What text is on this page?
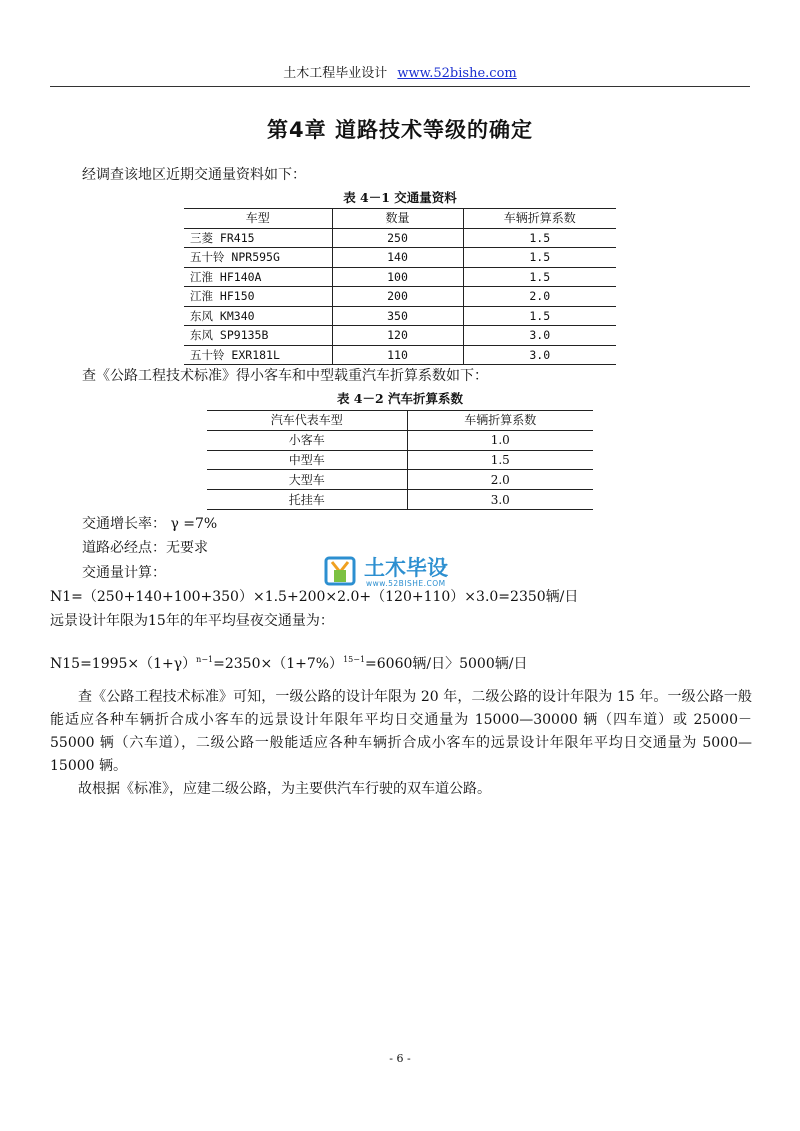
土木工程毕业设计 www.52bishe.com
第4章 道路技术等级的确定
经调查该地区近期交通量资料如下：
表 4－1 交通量资料
车型	数量	车辆折算系数
三菱 FR415	250	1.5
五十铃 NPR595G	140	1.5
江淮 HF140A	100	1.5
江淮 HF150	200	2.0
东风 KM340	350	1.5
东风 SP9135B	120	3.0
五十铃 EXR181L	110	3.0
查《公路工程技术标准》得小客车和中型载重汽车折算系数如下：
表 4－2 汽车折算系数
汽车代表车型	车辆折算系数
小客车	1.0
中型车	1.5
大型车	2.0
托挂车	3.0
交通增长率： γ =7%
道路必经点：无要求
土木毕设
www.52BISHE.COM
交通量计算：
N1=（250+140+100+350）×1.5+200×2.0+（120+110）×3.0=2350辆/日
远景设计年限为15年的年平均昼夜交通量为：
$N15=1995\times(1+\gamma)^{n-1}=2350\times(1+7\%)^{15-1}=6060$辆/日〉5000辆/日
查《公路工程技术标准》可知，一级公路的设计年限为 20 年，二级公路的设计年限为 15 年。一级公路一般能适应各种车辆折合成小客车的远景设计年限年平均日交通量为 15000—30000 辆（四车道）或 25000－55000 辆（六车道），二级公路一般能适应各种车辆折合成小客车的远景设计年限年平均日交通量为 5000—15000 辆。
故根据《标准》，应建二级公路，为主要供汽车行驶的双车道公路。
- 6 -
